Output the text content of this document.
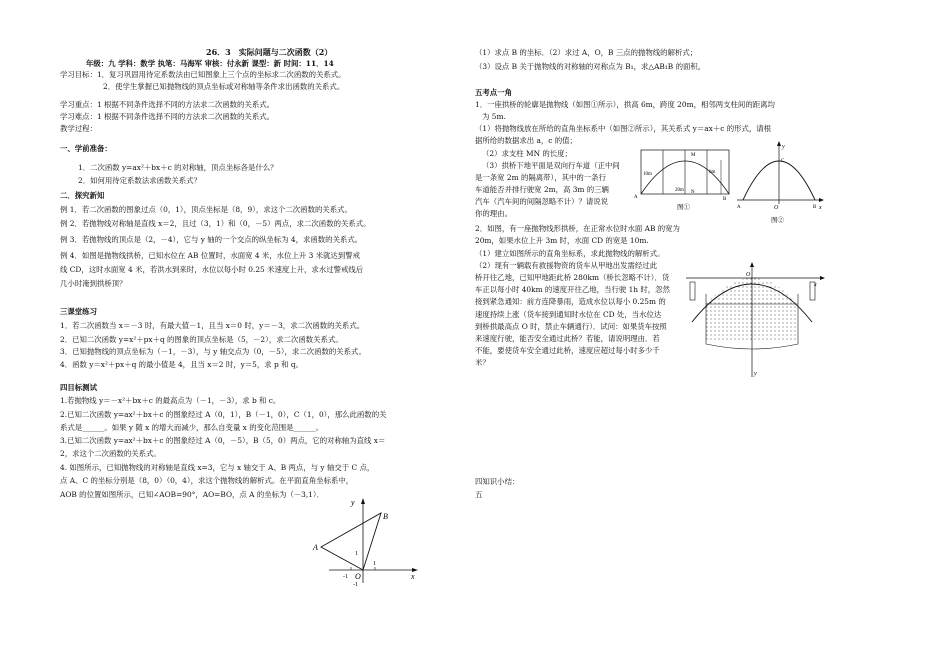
26．3　实际问题与二次函数（2）
年级：九 学科：数学 执笔：马海军 审核：付永新 课型：新 时间：11．14
学习目标：1．复习巩固用待定系数法由已知图象上三个点的坐标求二次函数的关系式。
2．使学生掌握已知抛物线的顶点坐标或对称轴等条件求出函数的关系式。
学习重点：1 根据不同条件选择不同的方法求二次函数的关系式。
学习难点：1 根据不同条件选择不同的方法求二次函数的关系式。
教学过程：
一、学前准备：
1．二次函数 y=ax²＋bx＋c 的对称轴，顶点坐标各是什么？
2．如何用待定系数法求函数关系式？
二．探究新知
例 1．若二次函数的图象过点（0，1），顶点坐标是（8，9），求这个二次函数的关系式。
例 2．若抛物线对称轴是直线 x＝2，且过（3，1）和（0，－5）两点，求二次函数的关系式。
例 3．若抛物线的顶点是（2，－4），它与 y 轴的一个交点的纵坐标为 4，求函数的关系式。
例 4．如图是抛物线拱桥，已知水位在 AB 位置时，水面宽 4 米，水位上升 3 米就达到警戒
线 CD，这时水面宽 4 米，若洪水到来时，水位以每小时 0.25 米速度上升，求水过警戒线后
几小时淹到拱桥顶？
三课堂练习
1．若二次函数当 x＝－3 时，有最大值－1，且当 x＝0 时，y＝－3，求二次函数的关系式。
2．已知二次函数 y=x²＋px＋q 的图象的顶点坐标是（5，－2），求二次函数关系式。
3．已知抛物线的顶点坐标为（－1，－3），与 y 轴交点为（0，－5），求二次函数的关系式。
4．函数 y＝x²＋px＋q 的最小值是 4，且当 x＝2 时，y＝5，求 p 和 q。
四目标测试
1.若抛物线 y＝－x²＋bx＋c 的最高点为（－1，－3），求 b 和 c。
2.已知二次函数 y=ax²＋bx＋c 的图象经过 A（0，1），B（－1，0），C（1，0），那么此函数的关
系式是______。如果 y 随 x 的增大而减少，那么自变量 x 的变化范围是______。
3.已知二次函数 y=ax²＋bx＋c 的图象经过 A（0，－5），B（5，0）两点，它的对称轴为直线 x＝
2，求这个二次函数的关系式。
4. 如图所示，已知抛物线的对称轴是直线 x=3，它与 x 轴交于 A、B 两点，与 y 轴交于 C 点，
点 A、C 的坐标分别是（8，0）（0，4），求这个抛物线的解析式。在平面直角坐标系中，
AOB 的位置如图所示，已知∠AOB=90°，AO=BO，点 A 的坐标为（－3,1）．
y
x
A
B
O
1
1
-1
-1
（1）求点 B 的坐标．（2）求过 A，O，B 三点的抛物线的解析式；
（3）设点 B 关于抛物线的对称轴的对称点为 B₁，求△AB₁B 的面积。
五考点一角
1．一座拱桥的轮廓是抛物线（如图①所示），拱高 6m，跨度 20m，相邻两支柱间的距离均
为 5m.
（1）将抛物线放在所给的直角坐标系中（如图②所示），其关系式 y＝ax＋c 的形式，请根
据所给的数据求出 a，c 的值；
（2）求支柱 MN 的长度；
（3）拱桥下地平面是双向行车道（正中间
是一条宽 2m 的隔离带），其中的一条行
车道能否并排行驶宽 2m，高 3m 的三辆
汽车（汽车间的间隔忽略不计）？请说说
你的理由。
2．如图，有一座抛物线形拱桥，在正常水位时水面 AB 的宽为
20m，如果水位上升 3m 时，水面 CD 的宽是 10m.
（1）建立如图所示的直角坐标系，求此抛物线的解析式。
（2）现有一辆载有救援物资的货车从甲地出发需经过此
桥开往乙地，已知甲地距此桥 280km（桥长忽略不计）．货
车正以每小时 40km 的速度开往乙地，当行驶 1h 时，忽然
接到紧急通知：前方连降暴雨，造成水位以每小 0.25m 的
速度持续上涨（货车接到通知时水位在 CD 处，当水位达
到桥拱最高点 O 时，禁止车辆通行）．试问：如果货车按照
来速度行驶，能否安全通过此桥？若能，请说明理由．若
不能，要使货车安全通过此桥，速度应超过每小时多少千
米？
四知识小结：
五
A	B
M
N
10m
20m
6m
图①
y
x
O
A	B
C
图②
O
x
y
